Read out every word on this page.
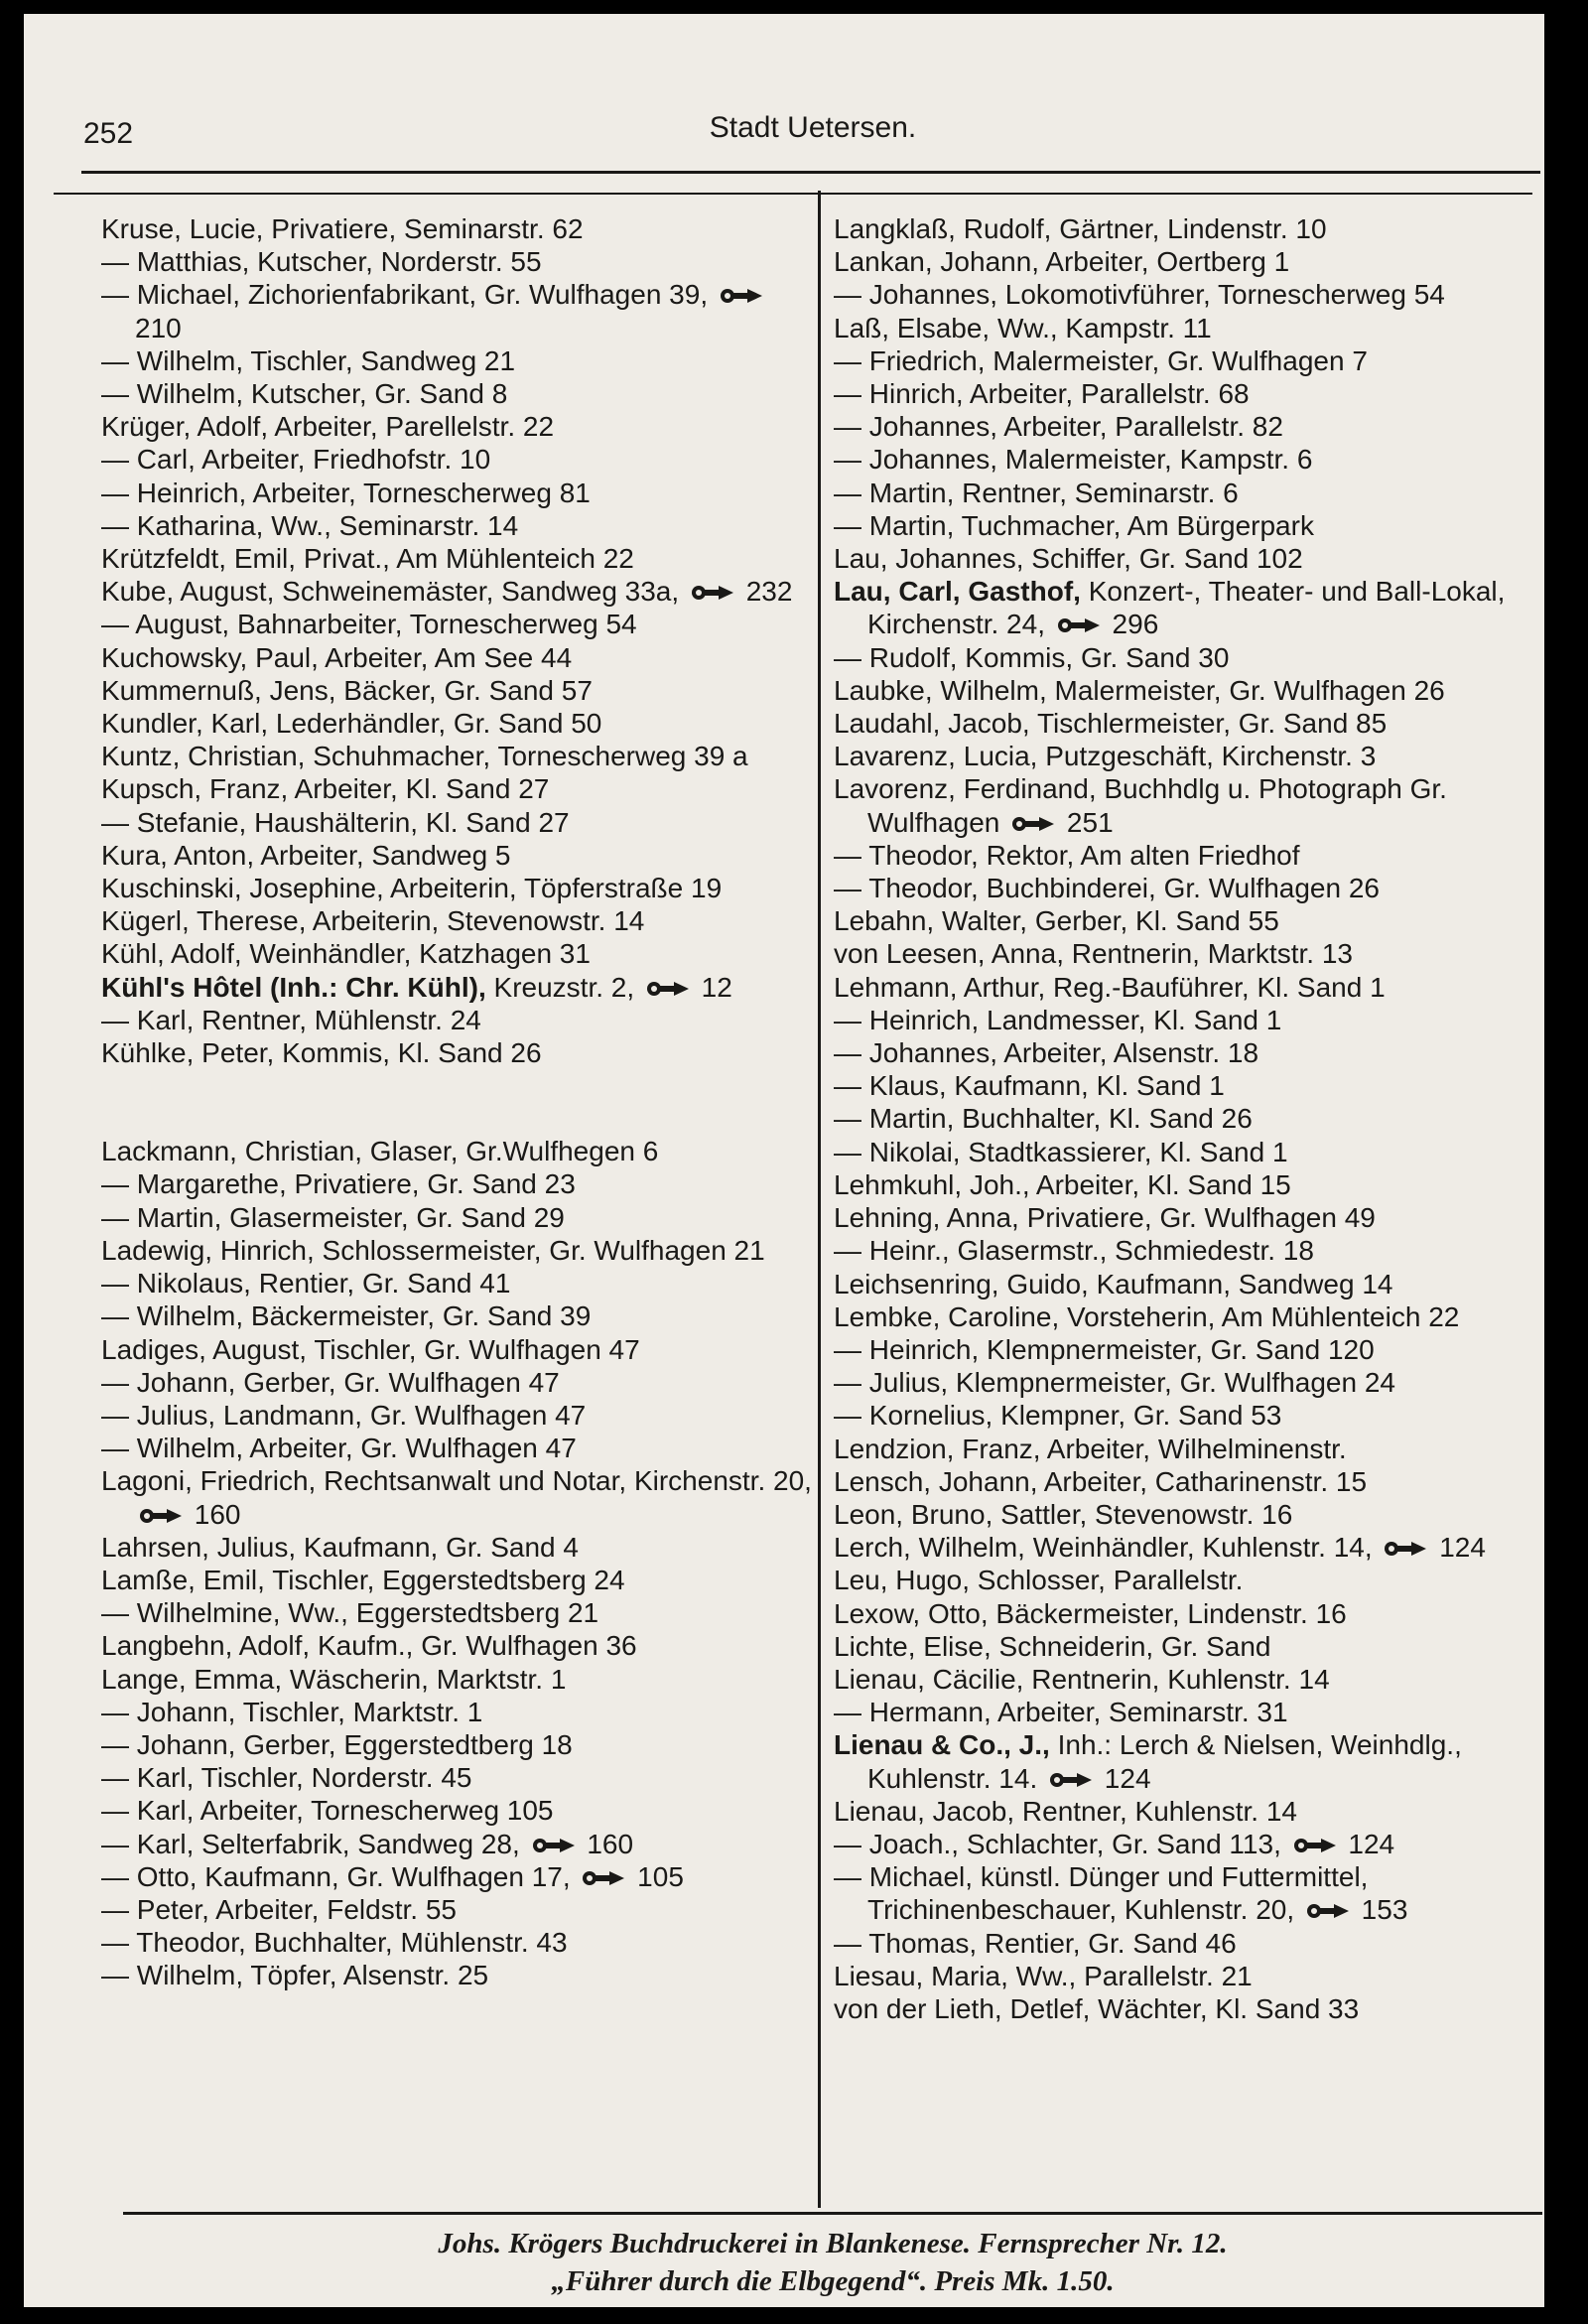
252	Stadt Uetersen.
Kruse, Lucie, Privatiere, Seminarstr. 62
— Matthias, Kutscher, Norderstr. 55
— Michael, Zichorienfabrikant, Gr. Wulfhagen 39,  210
— Wilhelm, Tischler, Sandweg 21
— Wilhelm, Kutscher, Gr. Sand 8
Krüger, Adolf, Arbeiter, Parellelstr. 22
— Carl, Arbeiter, Friedhofstr. 10
— Heinrich, Arbeiter, Tornescherweg 81
— Katharina, Ww., Seminarstr. 14
Krützfeldt, Emil, Privat., Am Mühlenteich 22
Kube, August, Schweinemäster, Sandweg 33a,  232
— August, Bahnarbeiter, Tornescherweg 54
Kuchowsky, Paul, Arbeiter, Am See 44
Kummernuß, Jens, Bäcker, Gr. Sand 57
Kundler, Karl, Lederhändler, Gr. Sand 50
Kuntz, Christian, Schuhmacher, Tornescherweg 39 a
Kupsch, Franz, Arbeiter, Kl. Sand 27
— Stefanie, Haushälterin, Kl. Sand 27
Kura, Anton, Arbeiter, Sandweg 5
Kuschinski, Josephine, Arbeiterin, Töpferstraße 19
Kügerl, Therese, Arbeiterin, Stevenowstr. 14
Kühl, Adolf, Weinhändler, Katzhagen 31
Kühl's Hôtel (Inh.: Chr. Kühl), Kreuzstr. 2,  12
— Karl, Rentner, Mühlenstr. 24
Kühlke, Peter, Kommis, Kl. Sand 26
Lackmann, Christian, Glaser, Gr.Wulfhegen 6
— Margarethe, Privatiere, Gr. Sand 23
— Martin, Glasermeister, Gr. Sand 29
Ladewig, Hinrich, Schlossermeister, Gr. Wulfhagen 21
— Nikolaus, Rentier, Gr. Sand 41
— Wilhelm, Bäckermeister, Gr. Sand 39
Ladiges, August, Tischler, Gr. Wulfhagen 47
— Johann, Gerber, Gr. Wulfhagen 47
— Julius, Landmann, Gr. Wulfhagen 47
— Wilhelm, Arbeiter, Gr. Wulfhagen 47
Lagoni, Friedrich, Rechtsanwalt und Notar, Kirchenstr. 20,  160
Lahrsen, Julius, Kaufmann, Gr. Sand 4
Lamße, Emil, Tischler, Eggerstedtsberg 24
— Wilhelmine, Ww., Eggerstedtsberg 21
Langbehn, Adolf, Kaufm., Gr. Wulfhagen 36
Lange, Emma, Wäscherin, Marktstr. 1
— Johann, Tischler, Marktstr. 1
— Johann, Gerber, Eggerstedtberg 18
— Karl, Tischler, Norderstr. 45
— Karl, Arbeiter, Tornescherweg 105
— Karl, Selterfabrik, Sandweg 28,  160
— Otto, Kaufmann, Gr. Wulfhagen 17,  105
— Peter, Arbeiter, Feldstr. 55
— Theodor, Buchhalter, Mühlenstr. 43
— Wilhelm, Töpfer, Alsenstr. 25
Langklaß, Rudolf, Gärtner, Lindenstr. 10
Lankan, Johann, Arbeiter, Oertberg 1
— Johannes, Lokomotivführer, Tornescherweg 54
Laß, Elsabe, Ww., Kampstr. 11
— Friedrich, Malermeister, Gr. Wulfhagen 7
— Hinrich, Arbeiter, Parallelstr. 68
— Johannes, Arbeiter, Parallelstr. 82
— Johannes, Malermeister, Kampstr. 6
— Martin, Rentner, Seminarstr. 6
— Martin, Tuchmacher, Am Bürgerpark
Lau, Johannes, Schiffer, Gr. Sand 102
Lau, Carl, Gasthof, Konzert-, Theater- und Ball-Lokal, Kirchenstr. 24,  296
— Rudolf, Kommis, Gr. Sand 30
Laubke, Wilhelm, Malermeister, Gr. Wulfhagen 26
Laudahl, Jacob, Tischlermeister, Gr. Sand 85
Lavarenz, Lucia, Putzgeschäft, Kirchenstr. 3
Lavorenz, Ferdinand, Buchhdlg u. Photograph Gr. Wulfhagen  251
— Theodor, Rektor, Am alten Friedhof
— Theodor, Buchbinderei, Gr. Wulfhagen 26
Lebahn, Walter, Gerber, Kl. Sand 55
von Leesen, Anna, Rentnerin, Marktstr. 13
Lehmann, Arthur, Reg.-Bauführer, Kl. Sand 1
— Heinrich, Landmesser, Kl. Sand 1
— Johannes, Arbeiter, Alsenstr. 18
— Klaus, Kaufmann, Kl. Sand 1
— Martin, Buchhalter, Kl. Sand 26
— Nikolai, Stadtkassierer, Kl. Sand 1
Lehmkuhl, Joh., Arbeiter, Kl. Sand 15
Lehning, Anna, Privatiere, Gr. Wulfhagen 49
— Heinr., Glasermstr., Schmiedestr. 18
Leichsenring, Guido, Kaufmann, Sandweg 14
Lembke, Caroline, Vorsteherin, Am Mühlenteich 22
— Heinrich, Klempnermeister, Gr. Sand 120
— Julius, Klempnermeister, Gr. Wulfhagen 24
— Kornelius, Klempner, Gr. Sand 53
Lendzion, Franz, Arbeiter, Wilhelminenstr.
Lensch, Johann, Arbeiter, Catharinenstr. 15
Leon, Bruno, Sattler, Stevenowstr. 16
Lerch, Wilhelm, Weinhändler, Kuhlenstr. 14,  124
Leu, Hugo, Schlosser, Parallelstr.
Lexow, Otto, Bäckermeister, Lindenstr. 16
Lichte, Elise, Schneiderin, Gr. Sand
Lienau, Cäcilie, Rentnerin, Kuhlenstr. 14
— Hermann, Arbeiter, Seminarstr. 31
Lienau & Co., J., Inh.: Lerch & Nielsen, Weinhdlg., Kuhlenstr. 14.  124
Lienau, Jacob, Rentner, Kuhlenstr. 14
— Joach., Schlachter, Gr. Sand 113,  124
— Michael, künstl. Dünger und Futtermittel, Trichinenbeschauer, Kuhlenstr. 20,  153
— Thomas, Rentier, Gr. Sand 46
Liesau, Maria, Ww., Parallelstr. 21
von der Lieth, Detlef, Wächter, Kl. Sand 33
Johs. Krögers Buchdruckerei in Blankenese. Fernsprecher Nr. 12.
„Führer durch die Elbgegend“. Preis Mk. 1.50.
